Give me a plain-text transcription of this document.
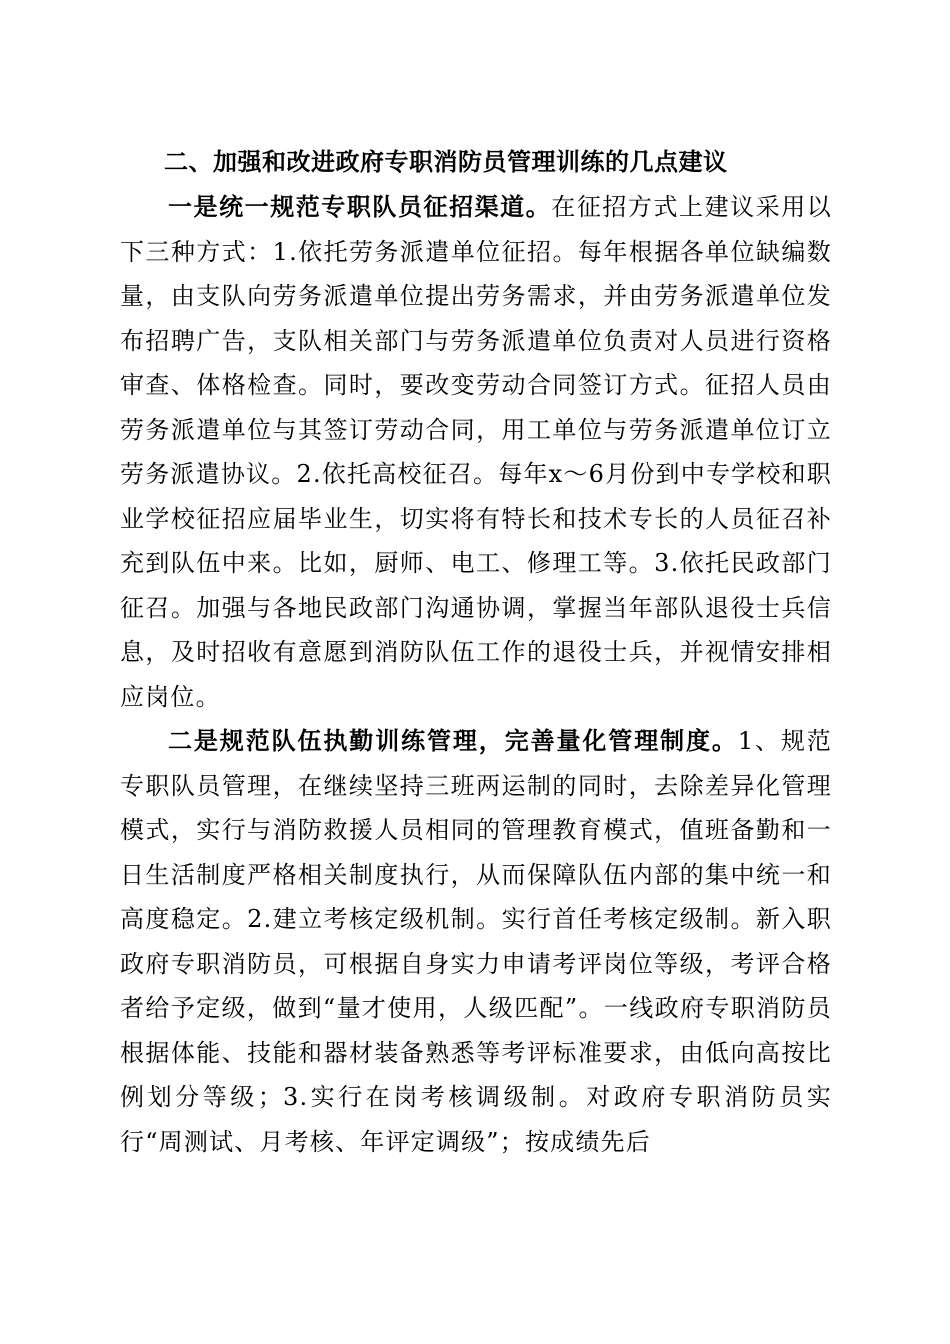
二、加强和改进政府专职消防员管理训练的几点建议

一是统一规范专职队员征招渠道。在征招方式上建议采用以下三种方式：1.依托劳务派遣单位征招。每年根据各单位缺编数量，由支队向劳务派遣单位提出劳务需求，并由劳务派遣单位发布招聘广告，支队相关部门与劳务派遣单位负责对人员进行资格审查、体格检查。同时，要改变劳动合同签订方式。征招人员由劳务派遣单位与其签订劳动合同，用工单位与劳务派遣单位订立劳务派遣协议。2.依托高校征召。每年x～6月份到中专学校和职业学校征招应届毕业生，切实将有特长和技术专长的人员征召补充到队伍中来。比如，厨师、电工、修理工等。3.依托民政部门征召。加强与各地民政部门沟通协调，掌握当年部队退役士兵信息，及时招收有意愿到消防队伍工作的退役士兵，并视情安排相应岗位。

二是规范队伍执勤训练管理，完善量化管理制度。1、规范专职队员管理，在继续坚持三班两运制的同时，去除差异化管理模式，实行与消防救援人员相同的管理教育模式，值班备勤和一日生活制度严格相关制度执行，从而保障队伍内部的集中统一和高度稳定。2.建立考核定级机制。实行首任考核定级制。新入职政府专职消防员，可根据自身实力申请考评岗位等级，考评合格者给予定级，做到“量才使用，人级匹配”。一线政府专职消防员根据体能、技能和器材装备熟悉等考评标准要求，由低向高按比例划分等级；3.实行在岗考核调级制。对政府专职消防员实行“周测试、月考核、年评定调级”；按成绩先后
